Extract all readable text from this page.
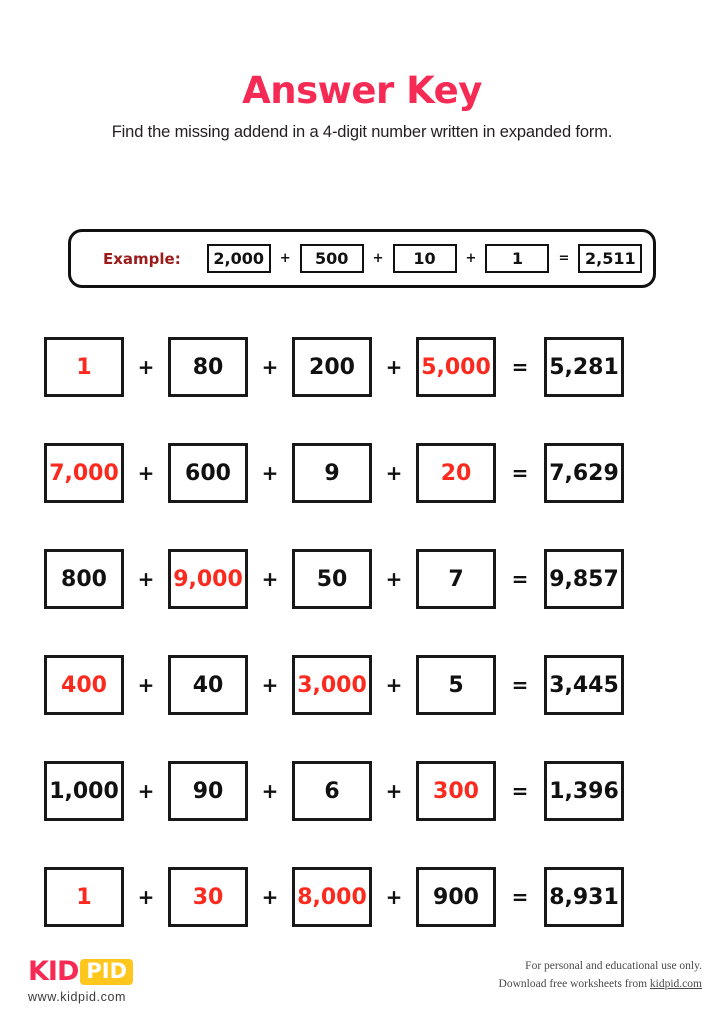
Answer Key

Find the missing addend in a 4-digit number written in expanded form.

Example:	2,000	+	500	+	10	+	1	= 2,511
1	+	80	+	200	+ 5,000	= 5,281
7,000 +	600	+	9	+	20	= 7,629
800	+ 9,000 +	50	+	7	= 9,857
400	+	40	+ 3,000 +	5	= 3,445
1,000 +	90	+	6	+	300	= 1,396
1	+	30	+ 8,000 +	900	= 8,931
KID PID
www.kidpid.com
For personal and educational use only.
Download free worksheets from kidpid.com
